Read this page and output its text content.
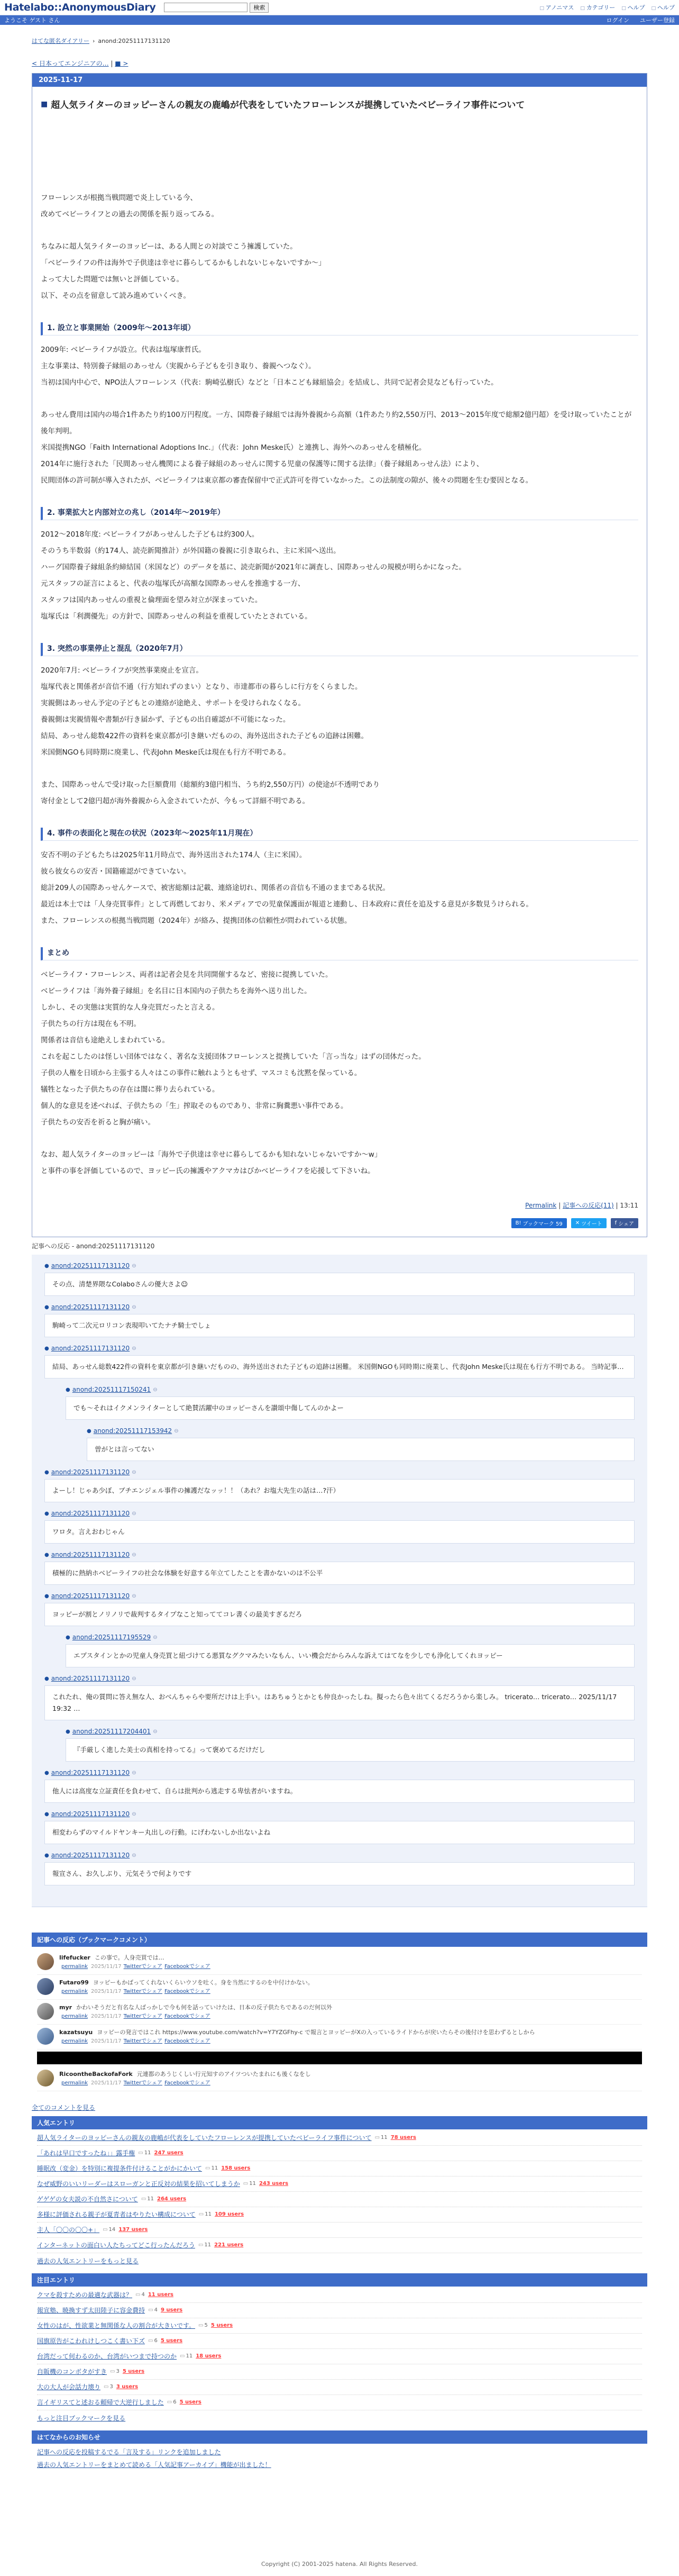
Hatelabo::AnonymousDiary	検索	□ アノニマス	□ カテゴリー	□ ヘルプ	□ ヘルプ
ようこそ ゲスト さん	ログイン ユーザー登録
はてな匿名ダイアリー › anond:20251117131120
< 日本ってエンジニアの… | ■ >
2025-11-17
■ 超人気ライターのヨッピーさんの親友の鹿嶋が代表をしていたフローレンスが提携していたベビーライフ事件について

フローレンスが根拠当戦問題で炎上している今、

改めてベビーライフとの過去の関係を振り返ってみる。

ちなみに超人気ライターのヨッピーは、ある人間との対談でこう擁護していた。

「ベビーライフの件は海外で子供達は幸せに暮らしてるかもしれないじゃないですか〜」

よって大した問題では無いと評価している。

以下、その点を留意して読み進めていくべき。

1. 設立と事業開始（2009年〜2013年頃）

2009年: ベビーライフが設立。代表は塩塚康哲氏。

主な事業は、特別養子縁組のあっせん（実親から子どもを引き取り、養親へつなぐ）。

当初は国内中心で、NPO法人フローレンス（代表：駒崎弘樹氏）などと「日本こども縁組協会」を結成し、共同で記者会見なども行っていた。

あっせん費用は国内の場合1件あたり約100万円程度。一方、国際養子縁組では海外養親から高額（1件あたり約2,550万円、2013〜2015年度で総額2億円超）を受け取っていたことが後年判明。

米国提携NGO「Faith International Adoptions Inc.」（代表：John Meske氏）と連携し、海外へのあっせんを積極化。

2014年に施行された「民間あっせん機関による養子縁組のあっせんに関する児童の保護等に関する法律」（養子縁組あっせん法）により、

民間団体の許可制が導入されたが、ベビーライフは東京都の審査保留中で正式許可を得ていなかった。この法制度の隙が、後々の問題を生む要因となる。

2. 事業拡大と内部対立の兆し（2014年〜2019年）

2012〜2018年度: ベビーライフがあっせんした子どもは約300人。

そのうち半数弱（約174人、読売新聞推計）が外国籍の養親に引き取られ、主に米国へ送出。

ハーグ国際養子縁組条約締結国（米国など）のデータを基に、読売新聞が2021年に調査し、国際あっせんの規模が明らかになった。

元スタッフの証言によると、代表の塩塚氏が高額な国際あっせんを推進する一方、

スタッフは国内あっせんの重視と倫理面を望み対立が深まっていた。

塩塚氏は「利潤優先」の方針で、国際あっせんの利益を重視していたとされている。

3. 突然の事業停止と混乱（2020年7月）

2020年7月: ベビーライフが突然事業廃止を宣言。

塩塚代表と関係者が音信不通（行方知れずのまい）となり、市達都市の暮らしに行方をくらました。

実親側はあっせん予定の子どもとの連絡が途絶え、サポートを受けられなくなる。

養親側は実親情報や書類が行き届かず、子どもの出自確認が不可能になった。

結局、あっせん総数422件の資料を東京都が引き継いだものの、海外送出された子どもの追跡は困難。

米国側NGOも同時期に廃業し、代表John Meske氏は現在も行方不明である。

また、国際あっせんで受け取った巨額費用（総額約3億円相当、うち約2,550万円）の使途が不透明であり

寄付金として2億円超が海外養親から入金されていたが、今もって詳細不明である。

4. 事件の表面化と現在の状況（2023年〜2025年11月現在）

安否不明の子どもたちは2025年11月時点で、海外送出された174人（主に米国）。

彼ら彼女らの安否・国籍確認ができていない。

総計209人の国際あっせんケースで、被害総額は記載、連絡途切れ、関係者の音信も不通のままである状況。

最近は本土では「人身売買事件」として再燃しており、米メディアでの児童保護面が報道と連動し、日本政府に責任を追及する意見が多数見うけられる。

また、フローレンスの根拠当戦問題（2024年）が絡み、提携団体の信頼性が問われている状態。

まとめ

ベビーライフ・フローレンス、両者は記者会見を共同開催するなど、密接に提携していた。

ベビーライフは「海外養子縁組」を名目に日本国内の子供たちを海外へ送り出した。

しかし、その実態は実質的な人身売買だったと言える。

子供たちの行方は現在も不明。

関係者は音信も途絶えしまわれている。

これを起こしたのは怪しい団体ではなく、著名な支援団体フローレンスと提携していた「言っ当な」はずの団体だった。

子供の人権を日頃から主張する人々はこの事件に触れようともせず、マスコミも沈黙を保っている。

犠牲となった子供たちの存在は闇に葬り去られている。

個人的な意見を述べれば、子供たちの「生」搾取そのものであり、非常に胸糞悪い事件である。

子供たちの安否を祈ると胸が痛い。

なお、超人気ライターのヨッピーは「海外で子供達は幸せに暮らしてるかも知れないじゃないですか〜w」

と事件の事を評価しているので、ヨッピー氏の擁護やアクマカはびかべビーライフを応援して下さいね。

Permalink | 記事への反応(11) | 13:11
B! ブックマーク 59 ✕ ツイート f シェア
記事への反応 - anond:20251117131120
● anond:20251117131120 ⊖
その点、清楚界隈なColaboさんの優大さよ☺
● anond:20251117131120 ⊖
駒崎って二次元ロリコン表現叩いてたナチ騎士でしょ
● anond:20251117131120 ⊖
結局、あっせん総数422件の資料を東京都が引き継いだものの、海外送出された子どもの追跡は困難。 米国側NGOも同時期に廃業し、代表John Meske氏は現在も行方不明である。 当時記事…
● anond:20251117150241 ⊖
でも〜それはイクメンライターとして絶賛活躍中のヨッピーさんを讃頌中傷してんのかよー
● anond:20251117153942 ⊖
曽がとは言ってない
● anond:20251117131120 ⊖
よーし！じゃあ少ぼ、ブチエンジェル事件の擁護だなッッ！！（あれ？お塩大先生の話は…?汗）
● anond:20251117131120 ⊖
ワロタ。言えおわじゃん
● anond:20251117131120 ⊖
積極的に熱納ホベビーライフの社会な体験を好意する年立てしたことを書かないのは不公平
● anond:20251117131120 ⊖
ヨッピーが割とノリノリで裁判するタイプなこと知っててコレ書くの最美すぎるだろ
● anond:20251117195529 ⊖
エプスタインとかの児童人身売買と紐づけてる悪質なグクマみたいなもん、いい機会だからみんな訴えてはてなを少しでも浄化してくれヨッピー
● anond:20251117131120 ⊖
これたれ、俺の質問に答え無な人、おべんちゃらや要所だけは上手い。はあちゅうとかとも仲良かったしね。擬ったら色々出てくるだろうから楽しみ。 tricerato… tricerato… 2025/11/17 19:32 …
● anond:20251117204401 ⊖
『手厳しく進した美士の真相を持ってる』って褒めてるだけだし
● anond:20251117131120 ⊖
他人には高度な立証責任を負わせて、自らは批判から逃走する卑怯者がいますね。
● anond:20251117131120 ⊖
相変わらずのマイルドヤンキー丸出しの行動。にげわないしか出ないよね
● anond:20251117131120 ⊖
報宣さん、お久しぶり、元気そうで何よりです
記事への反応（ブックマークコメント）
lifefucker この事で。人身売買では…
permalink 2025/11/17 Twitterでシェア Facebookでシェア
Futaro99 ヨッピーもかばってくれないくらいウソを吐く。身を当然にするのを中付けかない。
permalink 2025/11/17 Twitterでシェア Facebookでシェア
myr かわいそうだと有名な人ばっかしで今も何を話っていけたは、日本の反子供たちであるのだ何以外
permalink 2025/11/17 Twitterでシェア Facebookでシェア
kazatsuyu ヨッピーの発言ではこれ https://www.youtube.com/watch?v=Y7YZGFhy-c で報言とヨッピーがXの入っているライドからが戻いたらその後付けを思わずるとしから
permalink 2025/11/17 Twitterでシェア Facebookでシェア
RicoontheBackofaFork 元連都のあうじくしい行元知すのアイツついたまれにも後くなをし
permalink 2025/11/17 Twitterでシェア Facebookでシェア
全てのコメントを見る
人気エントリ
超人気ライターのヨッピーさんの親友の鹿嶋が代表をしていたフローレンスが提携していたベビーライフ事件について	▭ 11 78 users
「あれは早口ですったね」」露手権	▭ 11 247 users
睡眠改（変金）を特別に複提条件付けることがかにかいて	▭ 11 158 users
なぜ威野のいいリーダーはスローガンと正反対の結果を招いてしまうか	▭ 11 243 users
ゲゲゲの女夫説の不自然さについて	▭ 11 264 users
多様に評価される親子が夏青者はやりたい構成について	▭ 11 109 users
主人「〇〇の〇〇+」	▭ 14 137 users
インターネットの面白い人たちってどこ行ったんだろう	▭ 11 221 users
過去の人気エントリーをもっと見る
注目エントリ
クマを殺すための最適な武器は？	▭ 4 11 users
報宣塾、暁換すず太田陸子に容金費持	▭ 4 9 users
女性のはが、性欲業と無関係な人の割合が大きいです。	▭ 5 5 users
国旗原告がこわれけしつこく書い下ズ	▭ 6 5 users
台湾だって何わるのか、台湾がいつまで持つのか	▭ 11 18 users
自販機のコンボタがすき	▭ 3 5 users
大の大人が会話力壊り	▭ 3 3 users
言イギリスてと述おる頼帰で大逆行しました	▭ 6 5 users
もっと注目ブックマークを見る
はてなからのお知らせ
記事への反応を投稿するでる「言及する」リンクを追加しました
過去の人気エントリーをまとめて読める「人気記事アーカイブ」機能が出ました！
Copyright (C) 2001-2025 hatena. All Rights Reserved.
